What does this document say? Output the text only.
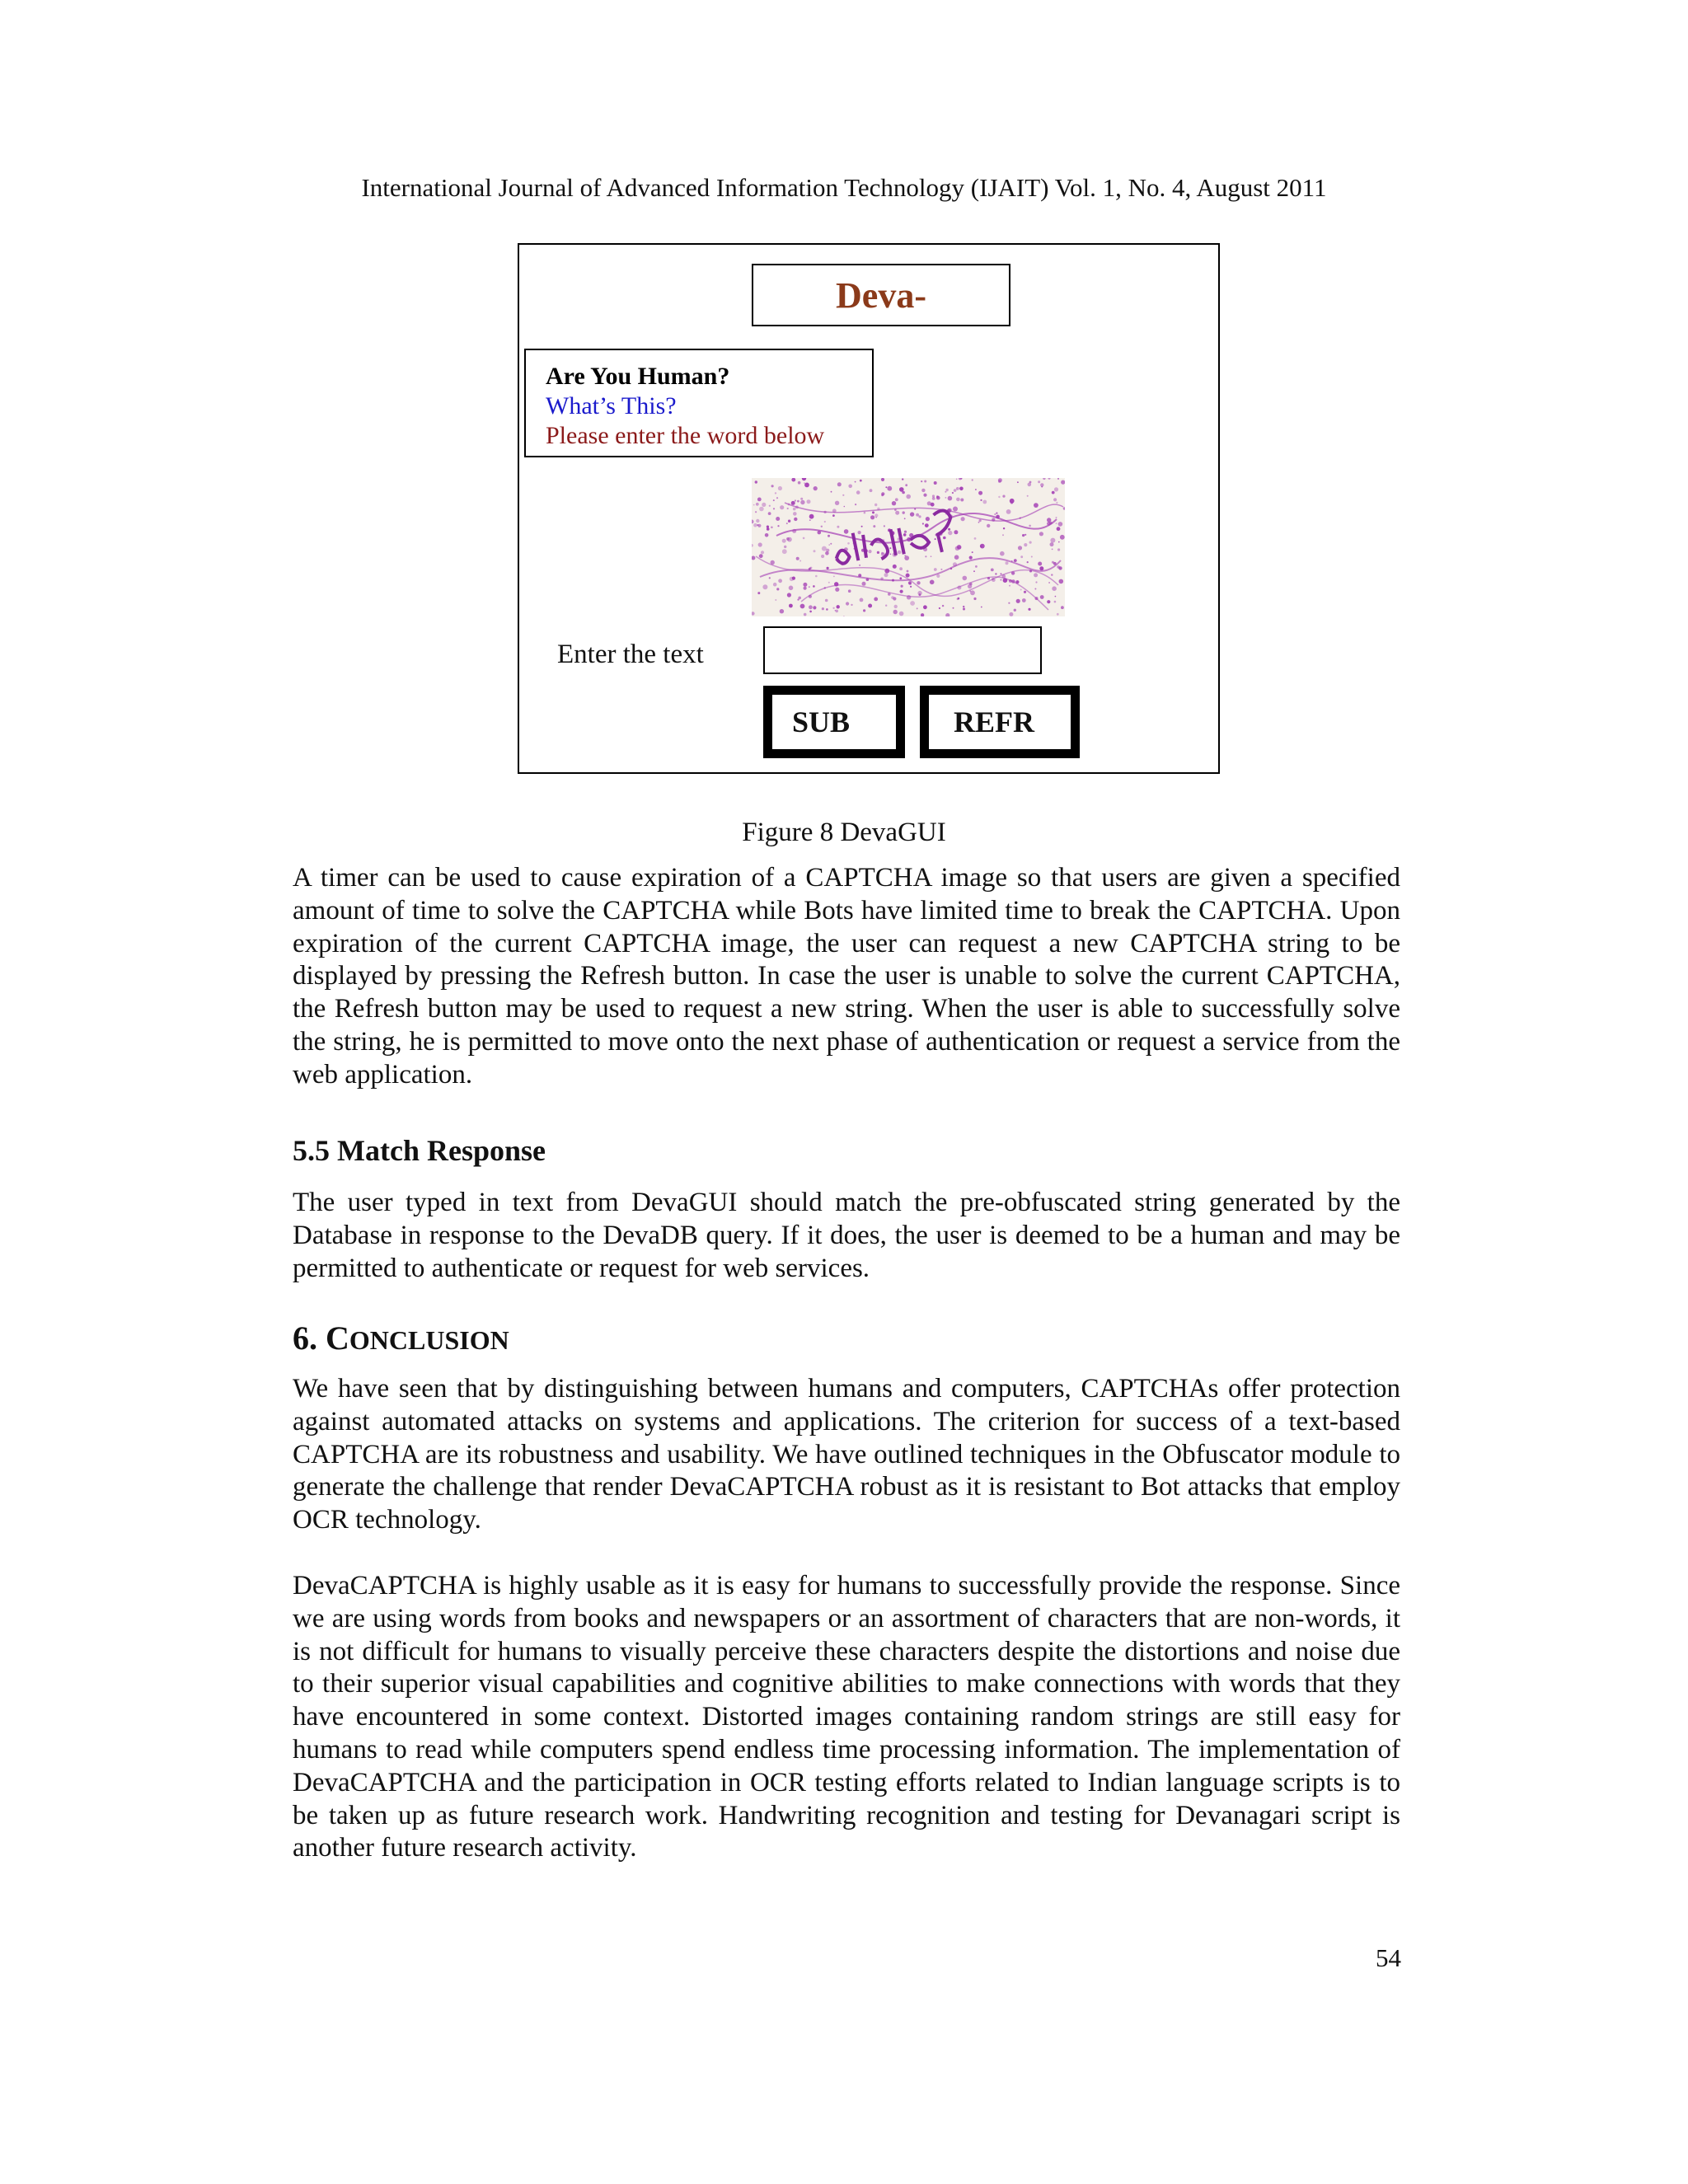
International Journal of Advanced Information Technology (IJAIT) Vol. 1, No. 4, August 2011
Deva-
Are You Human?
What’s This?
Please enter the word below
Enter the text
SUB	REFR
Figure 8 DevaGUI

A timer can be used to cause expiration of a CAPTCHA image so that users are given a specified amount of time to solve the CAPTCHA while Bots have limited time to break the CAPTCHA. Upon expiration of the current CAPTCHA image, the user can request a new CAPTCHA string to be displayed by pressing the Refresh button. In case the user is unable to solve the current CAPTCHA, the Refresh button may be used to request a new string. When the user is able to successfully solve the string, he is permitted to move onto the next phase of authentication or request a service from the web application.

5.5 Match Response

The user typed in text from DevaGUI should match the pre-obfuscated string generated by the Database in response to the DevaDB query. If it does, the user is deemed to be a human and may be permitted to authenticate or request for web services.

6. CONCLUSION

We have seen that by distinguishing between humans and computers, CAPTCHAs offer protection against automated attacks on systems and applications. The criterion for success of a text-based CAPTCHA are its robustness and usability. We have outlined techniques in the Obfuscator module to generate the challenge that render DevaCAPTCHA robust as it is resistant to Bot attacks that employ OCR technology.

DevaCAPTCHA is highly usable as it is easy for humans to successfully provide the response. Since we are using words from books and newspapers or an assortment of characters that are non-words, it is not difficult for humans to visually perceive these characters despite the distortions and noise due to their superior visual capabilities and cognitive abilities to make connections with words that they have encountered in some context. Distorted images containing random strings are still easy for humans to read while computers spend endless time processing information. The implementation of DevaCAPTCHA and the participation in OCR testing efforts related to Indian language scripts is to be taken up as future research work. Handwriting recognition and testing for Devanagari script is another future research activity.

54
